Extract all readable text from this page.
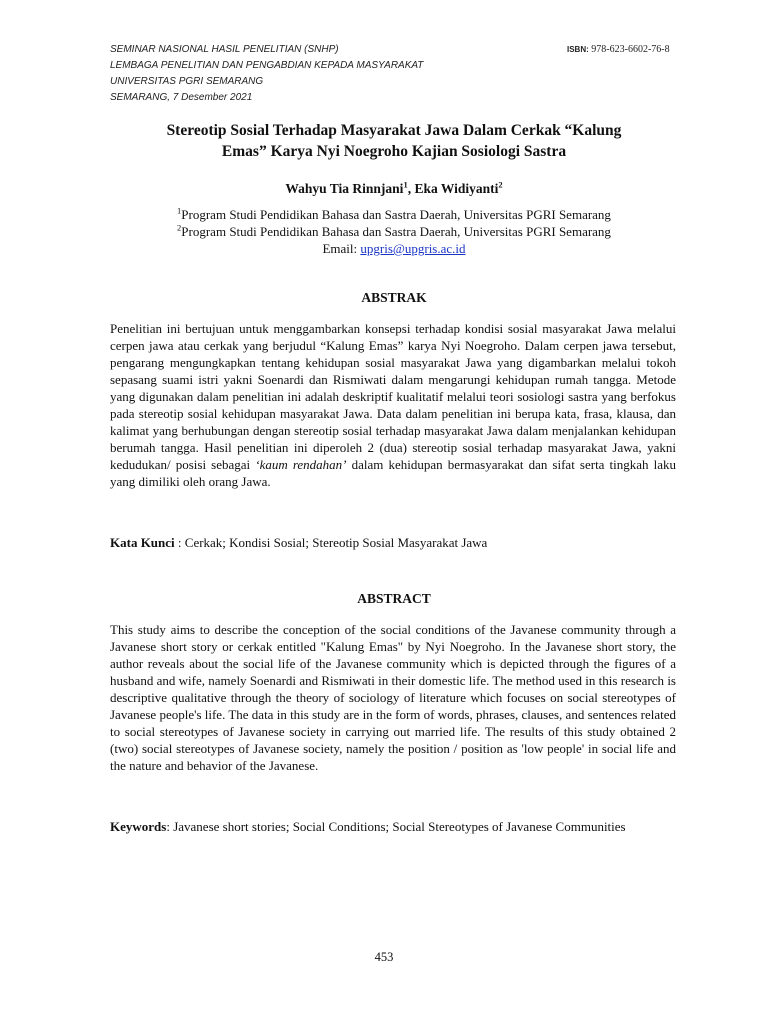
SEMINAR NASIONAL HASIL PENELITIAN (SNHP)
LEMBAGA PENELITIAN DAN PENGABDIAN KEPADA MASYARAKAT
UNIVERSITAS PGRI SEMARANG
SEMARANG, 7 Desember 2021
ISBN: 978-623-6602-76-8
Stereotip Sosial Terhadap Masyarakat Jawa Dalam Cerkak “Kalung
Emas” Karya Nyi Noegroho Kajian Sosiologi Sastra
Wahyu Tia Rinnjani$^1$, Eka Widiyanti$^2$
$^1$Program Studi Pendidikan Bahasa dan Sastra Daerah, Universitas PGRI Semarang
$^2$Program Studi Pendidikan Bahasa dan Sastra Daerah, Universitas PGRI Semarang
Email: upgris@upgris.ac.id
ABSTRAK

Penelitian ini bertujuan untuk menggambarkan konsepsi terhadap kondisi sosial masyarakat Jawa melalui cerpen jawa atau cerkak yang berjudul “Kalung Emas” karya Nyi Noegroho. Dalam cerpen jawa tersebut, pengarang mengungkapkan tentang kehidupan sosial masyarakat Jawa yang digambarkan melalui tokoh sepasang suami istri yakni Soenardi dan Rismiwati dalam mengarungi kehidupan rumah tangga. Metode yang digunakan dalam penelitian ini adalah deskriptif kualitatif melalui teori sosiologi sastra yang berfokus pada stereotip sosial kehidupan masyarakat Jawa. Data dalam penelitian ini berupa kata, frasa, klausa, dan kalimat yang berhubungan dengan stereotip sosial terhadap masyarakat Jawa dalam menjalankan kehidupan berumah tangga. Hasil penelitian ini diperoleh 2 (dua) stereotip sosial terhadap masyarakat Jawa, yakni kedudukan/ posisi sebagai ‘kaum rendahan’ dalam kehidupan bermasyarakat dan sifat serta tingkah laku yang dimiliki oleh orang Jawa.

Kata Kunci : Cerkak; Kondisi Sosial; Stereotip Sosial Masyarakat Jawa
ABSTRACT

This study aims to describe the conception of the social conditions of the Javanese community through a Javanese short story or cerkak entitled "Kalung Emas" by Nyi Noegroho. In the Javanese short story, the author reveals about the social life of the Javanese community which is depicted through the figures of a husband and wife, namely Soenardi and Rismiwati in their domestic life. The method used in this research is descriptive qualitative through the theory of sociology of literature which focuses on social stereotypes of Javanese people's life. The data in this study are in the form of words, phrases, clauses, and sentences related to social stereotypes of Javanese society in carrying out married life. The results of this study obtained 2 (two) social stereotypes of Javanese society, namely the position / position as 'low people' in social life and the nature and behavior of the Javanese.

Keywords: Javanese short stories; Social Conditions; Social Stereotypes of Javanese Communities
453
